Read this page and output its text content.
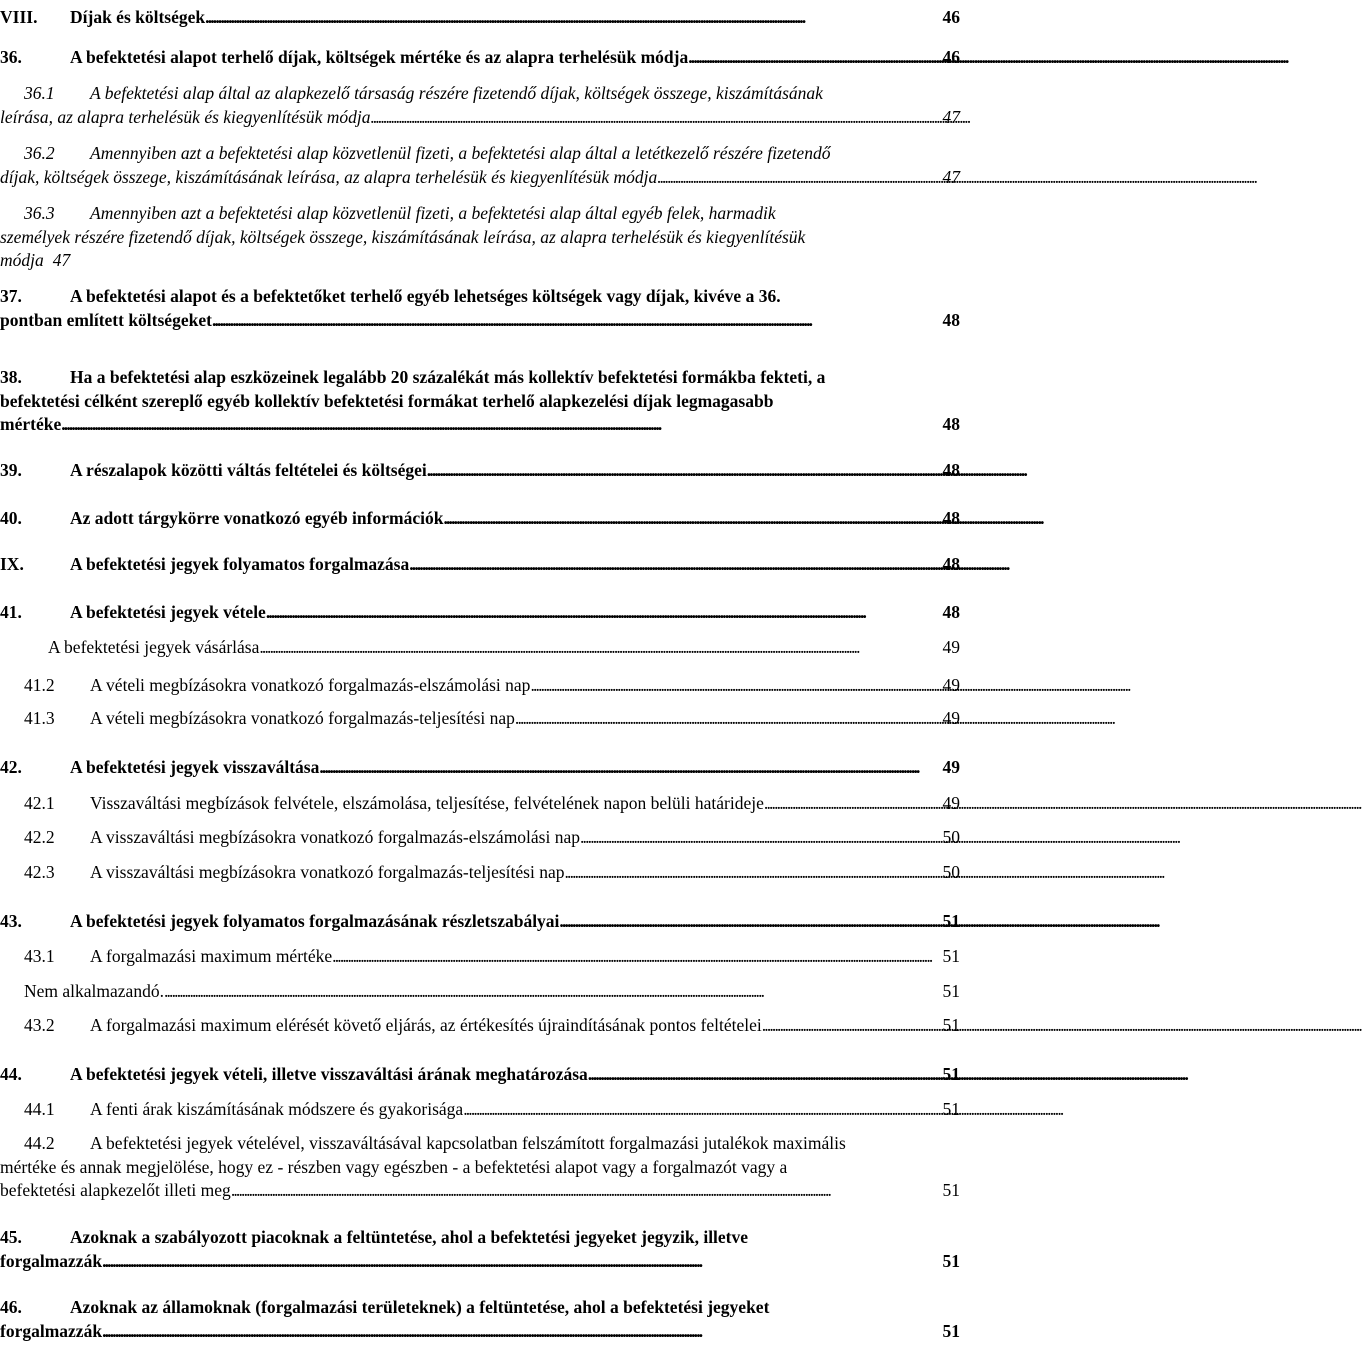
VIII.	Díjak és költségek . . .	46
36.	A befektetési alapot terhelő díjak, költségek mértéke és az alapra terhelésük módja . . .	46
36.1	A befektetési alap által az alapkezelő társaság részére fizetendő díjak, költségek összege, kiszámításának
leírása, az alapra terhelésük és kiegyenlítésük módja . . .	47
36.2	Amennyiben azt a befektetési alap közvetlenül fizeti, a befektetési alap által a letétkezelő részére fizetendő
díjak, költségek összege, kiszámításának leírása, az alapra terhelésük és kiegyenlítésük módja . . .	47
36.3	Amennyiben azt a befektetési alap közvetlenül fizeti, a befektetési alap által egyéb felek, harmadik
személyek részére fizetendő díjak, költségek összege, kiszámításának leírása, az alapra terhelésük és kiegyenlítésük
módja 47
37.	A befektetési alapot és a befektetőket terhelő egyéb lehetséges költségek vagy díjak, kivéve a 36.
pontban említett költségeket . . .	48
38.	Ha a befektetési alap eszközeinek legalább 20 százalékát más kollektív befektetési formákba fekteti, a
befektetési célként szereplő egyéb kollektív befektetési formákat terhelő alapkezelési díjak legmagasabb
mértéke . . .	48
39.	A részalapok közötti váltás feltételei és költségei . . .	48
40.	Az adott tárgykörre vonatkozó egyéb információk . . .	48
IX.	A befektetési jegyek folyamatos forgalmazása . . .	48
41.	A befektetési jegyek vétele . . .	48
A befektetési jegyek vásárlása . . .	49
41.2	A vételi megbízásokra vonatkozó forgalmazás-elszámolási nap . . .	49
41.3	A vételi megbízásokra vonatkozó forgalmazás-teljesítési nap . . .	49
42.	A befektetési jegyek visszaváltása . . .	49
42.1	Visszaváltási megbízások felvétele, elszámolása, teljesítése, felvételének napon belüli határideje . . .	49
42.2	A visszaváltási megbízásokra vonatkozó forgalmazás-elszámolási nap . . .	50
42.3	A visszaváltási megbízásokra vonatkozó forgalmazás-teljesítési nap . . .	50
43.	A befektetési jegyek folyamatos forgalmazásának részletszabályai . . .	51
43.1	A forgalmazási maximum mértéke . . .	51
Nem alkalmazandó. . . .	51
43.2	A forgalmazási maximum elérését követő eljárás, az értékesítés újraindításának pontos feltételei . . .	51
44.	A befektetési jegyek vételi, illetve visszaváltási árának meghatározása . . .	51
44.1	A fenti árak kiszámításának módszere és gyakorisága . . .	51
44.2	A befektetési jegyek vételével, visszaváltásával kapcsolatban felszámított forgalmazási jutalékok maximális
mértéke és annak megjelölése, hogy ez - részben vagy egészben - a befektetési alapot vagy a forgalmazót vagy a
befektetési alapkezelőt illeti meg . . .	51
45.	Azoknak a szabályozott piacoknak a feltüntetése, ahol a befektetési jegyeket jegyzik, illetve
forgalmazzák . . .	51
46.	Azoknak az államoknak (forgalmazási területeknek) a feltüntetése, ahol a befektetési jegyeket
forgalmazzák . . .	51
